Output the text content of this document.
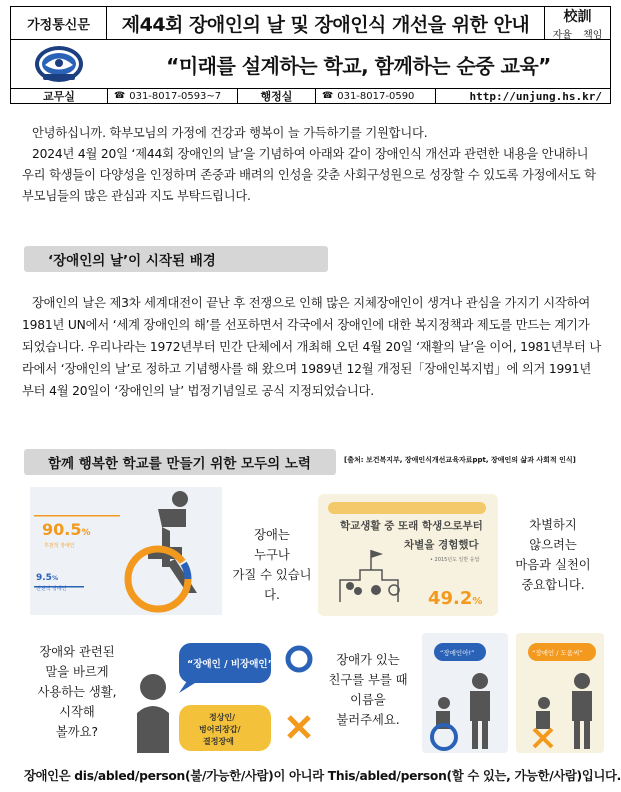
가정통신문	제44회 장애인의 날 및 장애인식 개선을 위한 안내	校訓
자율 책임
“미래를 설계하는 학교, 함께하는 순중 교육”
교무실	☎ 031-8017-0593~7	행정실	☎ 031-8017-0590	http://unjung.hs.kr/

안녕하십니까. 학부모님의 가정에 건강과 행복이 늘 가득하기를 기원합니다.

2024년 4월 20일 ‘제44회 장애인의 날’을 기념하여 아래와 같이 장애인식 개선과 관련한 내용을 안내하니 우리 학생들이 다양성을 인정하며 존중과 배려의 인성을 갖춘 사회구성원으로 성장할 수 있도록 가정에서도 학부모님들의 많은 관심과 지도 부탁드립니다.

‘장애인의 날’이 시작된 배경

장애인의 날은 제3차 세계대전이 끝난 후 전쟁으로 인해 많은 지체장애인이 생겨나 관심을 가지기 시작하여 1981년 UN에서 ‘세계 장애인의 해’를 선포하면서 각국에서 장애인에 대한 복지정책과 제도를 만드는 계기가 되었습니다. 우리나라는 1972년부터 민간 단체에서 개최해 오던 4월 20일 ‘재활의 날’을 이어, 1981년부터 나라에서 ‘장애인의 날’로 정하고 기념행사를 해 왔으며 1989년 12월 개정된「장애인복지법」에 의거 1991년부터 4월 20일이 ‘장애인의 날’ 법정기념일로 공식 지정되었습니다.

함께 행복한 학교를 만들기 위한 모두의 노력	[출처: 보건복지부, 장애인식개선교육자료ppt, 장애인의 삶과 사회적 인식]
90.5%
후천적 장애인
9.5%
선천적 장애인
장애는
누구나
가질 수 있습니다.
학교생활 중 또래 학생으로부터
차별을 경험했다
• 2015년도 일반 응답
49.2%
차별하지
않으려는
마음과 실천이
중요합니다.
장애와 관련된
말을 바르게
사용하는 생활,
시작해
볼까요?
“장애인 / 비장애인”
정상인/
벙어리장갑/
결정장애
장애가 있는
친구를 부를 때
이름을
불러주세요.
“장애인아!”	“장애인 / 도움씨”
장애인은 dis/abled/person(불/가능한/사람)이 아니라 This/abled/person(할 수 있는, 가능한/사람)입니다.
